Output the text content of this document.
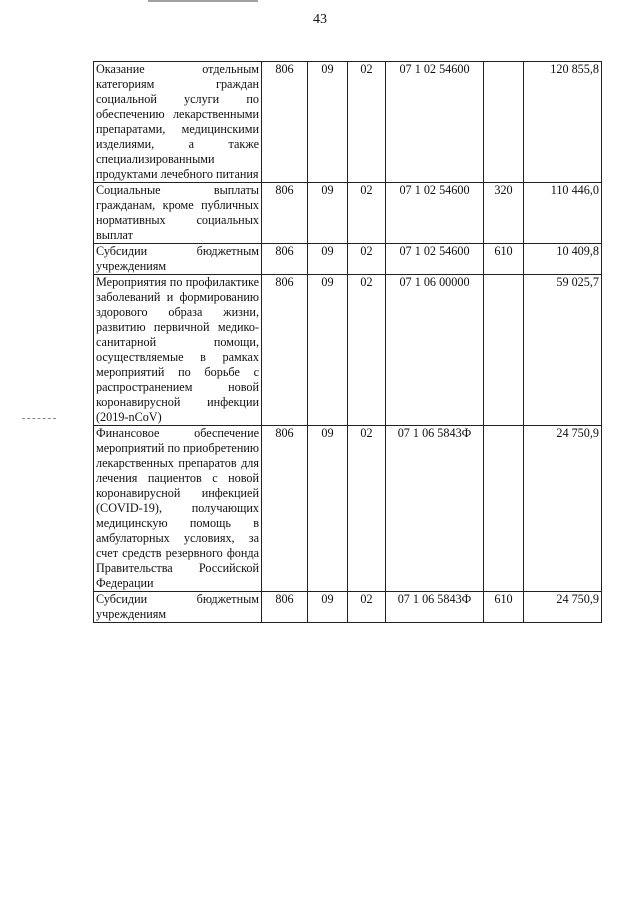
43
Оказание отдельным категориям граждан социальной услуги по обеспечению лекарственными препаратами, медицинскими изделиями, а также специализированными продуктами лечебного питания	806	09	02	07 1 02 54600		120 855,8
Социальные выплаты гражданам, кроме публичных нормативных социальных выплат	806	09	02	07 1 02 54600	320	110 446,0
Субсидии бюджетным учреждениям	806	09	02	07 1 02 54600	610	10 409,8
Мероприятия по профилактике заболеваний и формированию здорового образа жизни, развитию первичной медико-санитарной помощи, осуществляемые в рамках мероприятий по борьбе с распространением новой коронавирусной инфекции (2019-nCoV)	806	09	02	07 1 06 00000		59 025,7
Финансовое обеспечение мероприятий по приобретению лекарственных препаратов для лечения пациентов с новой коронавирусной инфекцией (COVID-19), получающих медицинскую помощь в амбулаторных условиях, за счет средств резервного фонда Правительства Российской Федерации	806	09	02	07 1 06 5843Ф		24 750,9
Субсидии бюджетным учреждениям	806	09	02	07 1 06 5843Ф	610	24 750,9
